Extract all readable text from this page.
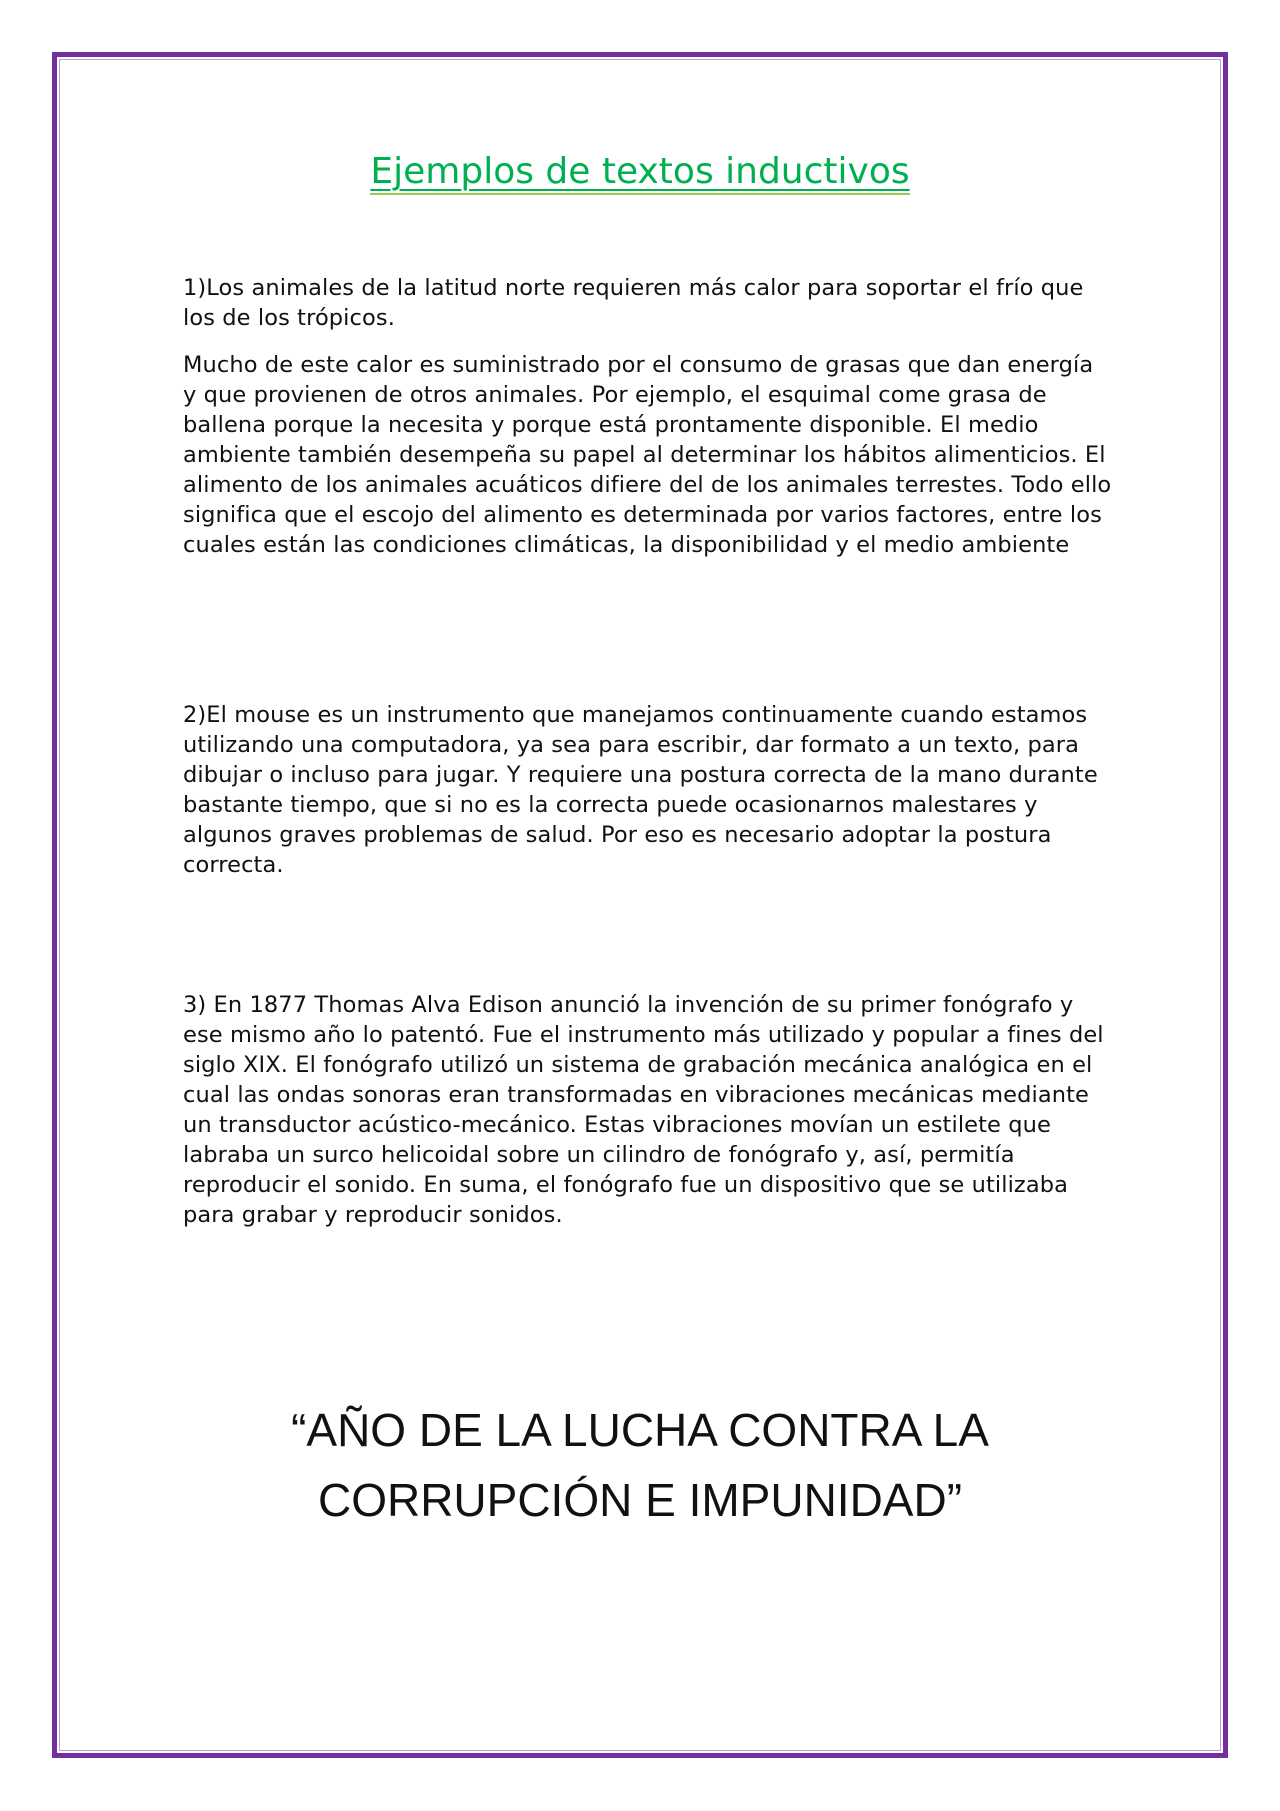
Ejemplos de textos inductivos

1)Los animales de la latitud norte requieren más calor para soportar el frío que los de los trópicos.

Mucho de este calor es suministrado por el consumo de grasas que dan energía y que provienen de otros animales. Por ejemplo, el esquimal come grasa de ballena porque la necesita y porque está prontamente disponible. El medio ambiente también desempeña su papel al determinar los hábitos alimenticios. El alimento de los animales acuáticos difiere del de los animales terrestes. Todo ello significa que el escojo del alimento es determinada por varios factores, entre los cuales están las condiciones climáticas, la disponibilidad y el medio ambiente

2)El mouse es un instrumento que manejamos continuamente cuando estamos utilizando una computadora, ya sea para escribir, dar formato a un texto, para dibujar o incluso para jugar. Y requiere una postura correcta de la mano durante bastante tiempo, que si no es la correcta puede ocasionarnos malestares y algunos graves problemas de salud. Por eso es necesario adoptar la postura correcta.

3) En 1877 Thomas Alva Edison anunció la invención de su primer fonógrafo y ese mismo año lo patentó. Fue el instrumento más utilizado y popular a fines del siglo XIX. El fonógrafo utilizó un sistema de grabación mecánica analógica en el cual las ondas sonoras eran transformadas en vibraciones mecánicas mediante un transductor acústico-mecánico. Estas vibraciones movían un estilete que labraba un surco helicoidal sobre un cilindro de fonógrafo y, así, permitía reproducir el sonido. En suma, el fonógrafo fue un dispositivo que se utilizaba para grabar y reproducir sonidos.

“AÑO DE LA LUCHA CONTRA LA
CORRUPCIÓN E IMPUNIDAD”
